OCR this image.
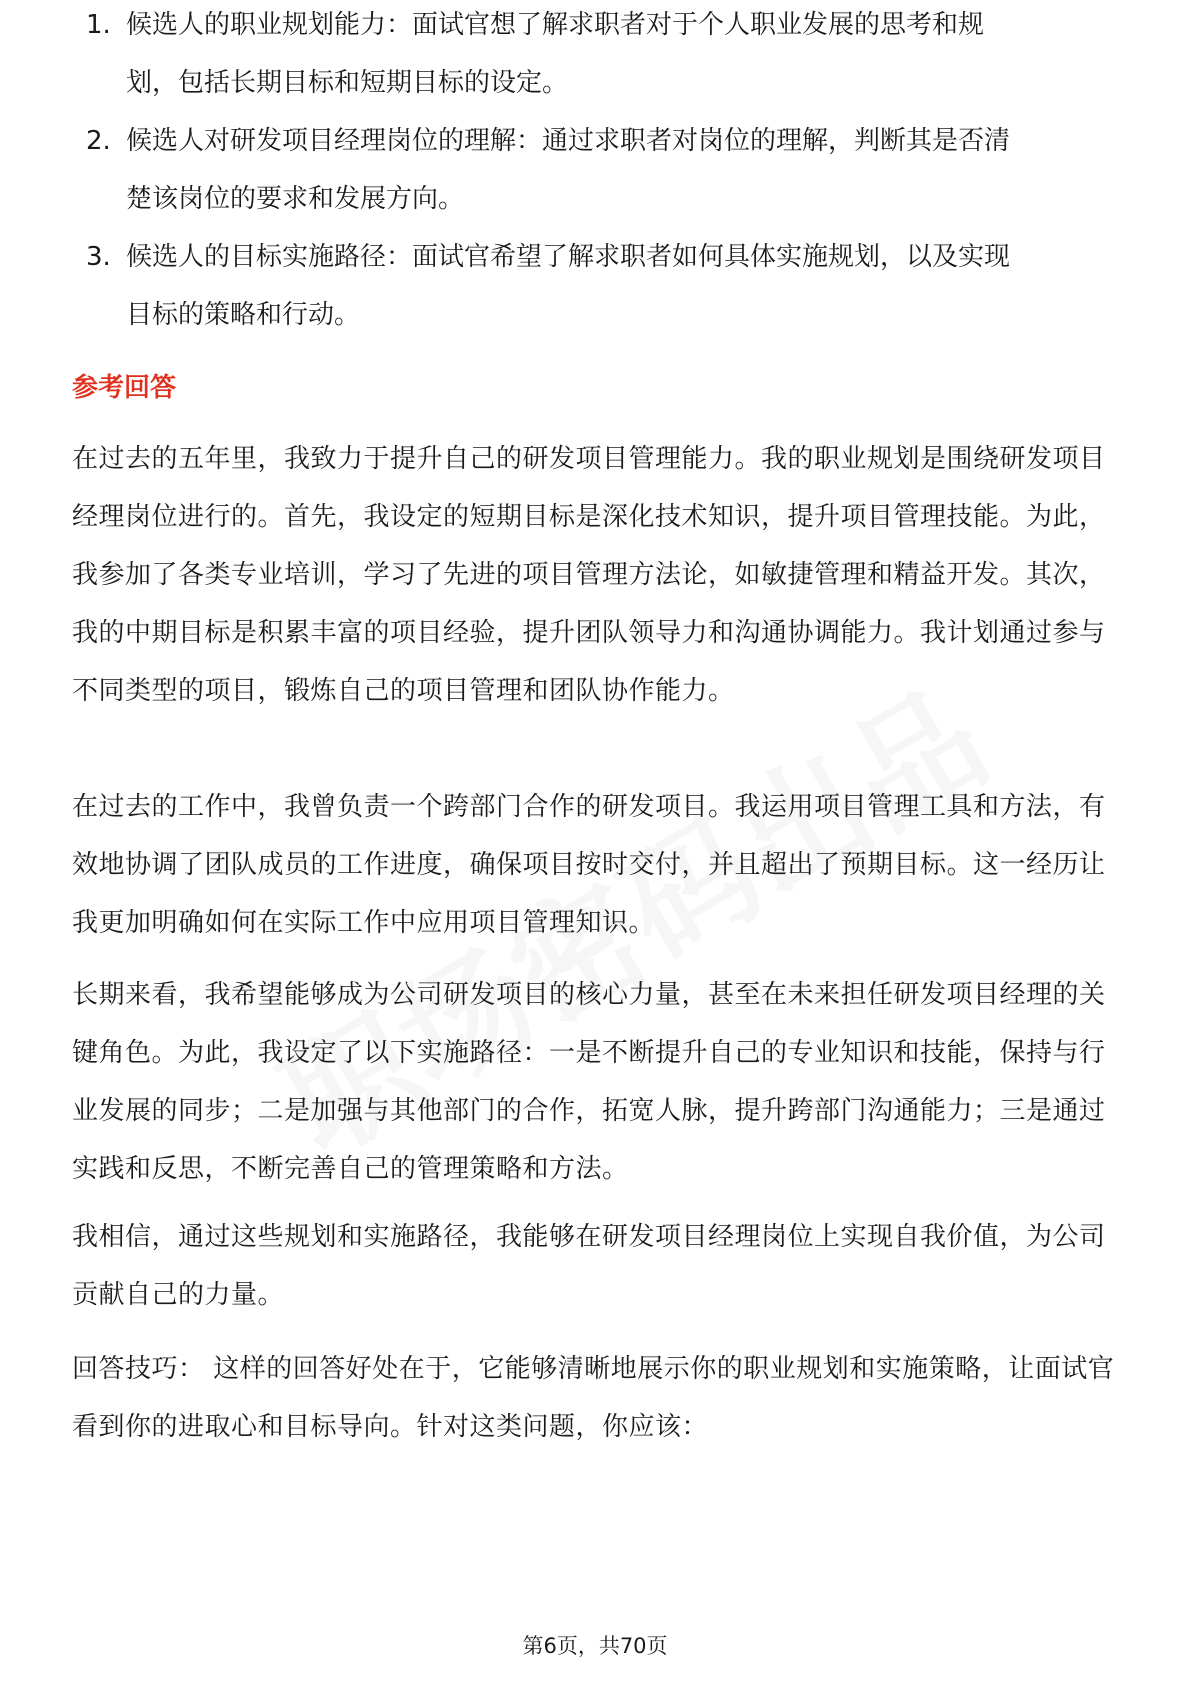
1. 候选人的职业规划能力：面试官想了解求职者对于个人职业发展的思考和规
划，包括长期目标和短期目标的设定。
2. 候选人对研发项目经理岗位的理解：通过求职者对岗位的理解，判断其是否清
楚该岗位的要求和发展方向。
3. 候选人的目标实施路径：面试官希望了解求职者如何具体实施规划，以及实现
目标的策略和行动。
参考回答

在过去的五年里，我致力于提升自己的研发项目管理能力。我的职业规划是围绕研发项目经理岗位进行的。首先，我设定的短期目标是深化技术知识，提升项目管理技能。为此，我参加了各类专业培训，学习了先进的项目管理方法论，如敏捷管理和精益开发。其次，我的中期目标是积累丰富的项目经验，提升团队领导力和沟通协调能力。我计划通过参与不同类型的项目，锻炼自己的项目管理和团队协作能力。

在过去的工作中，我曾负责一个跨部门合作的研发项目。我运用项目管理工具和方法，有效地协调了团队成员的工作进度，确保项目按时交付，并且超出了预期目标。这一经历让我更加明确如何在实际工作中应用项目管理知识。

长期来看，我希望能够成为公司研发项目的核心力量，甚至在未来担任研发项目经理的关键角色。为此，我设定了以下实施路径：一是不断提升自己的专业知识和技能，保持与行业发展的同步；二是加强与其他部门的合作，拓宽人脉，提升跨部门沟通能力；三是通过实践和反思，不断完善自己的管理策略和方法。

我相信，通过这些规划和实施路径，我能够在研发项目经理岗位上实现自我价值，为公司贡献自己的力量。

回答技巧： 这样的回答好处在于，它能够清晰地展示你的职业规划和实施策略，让面试官看到你的进取心和目标导向。针对这类问题，你应该：

第6页，共70页
